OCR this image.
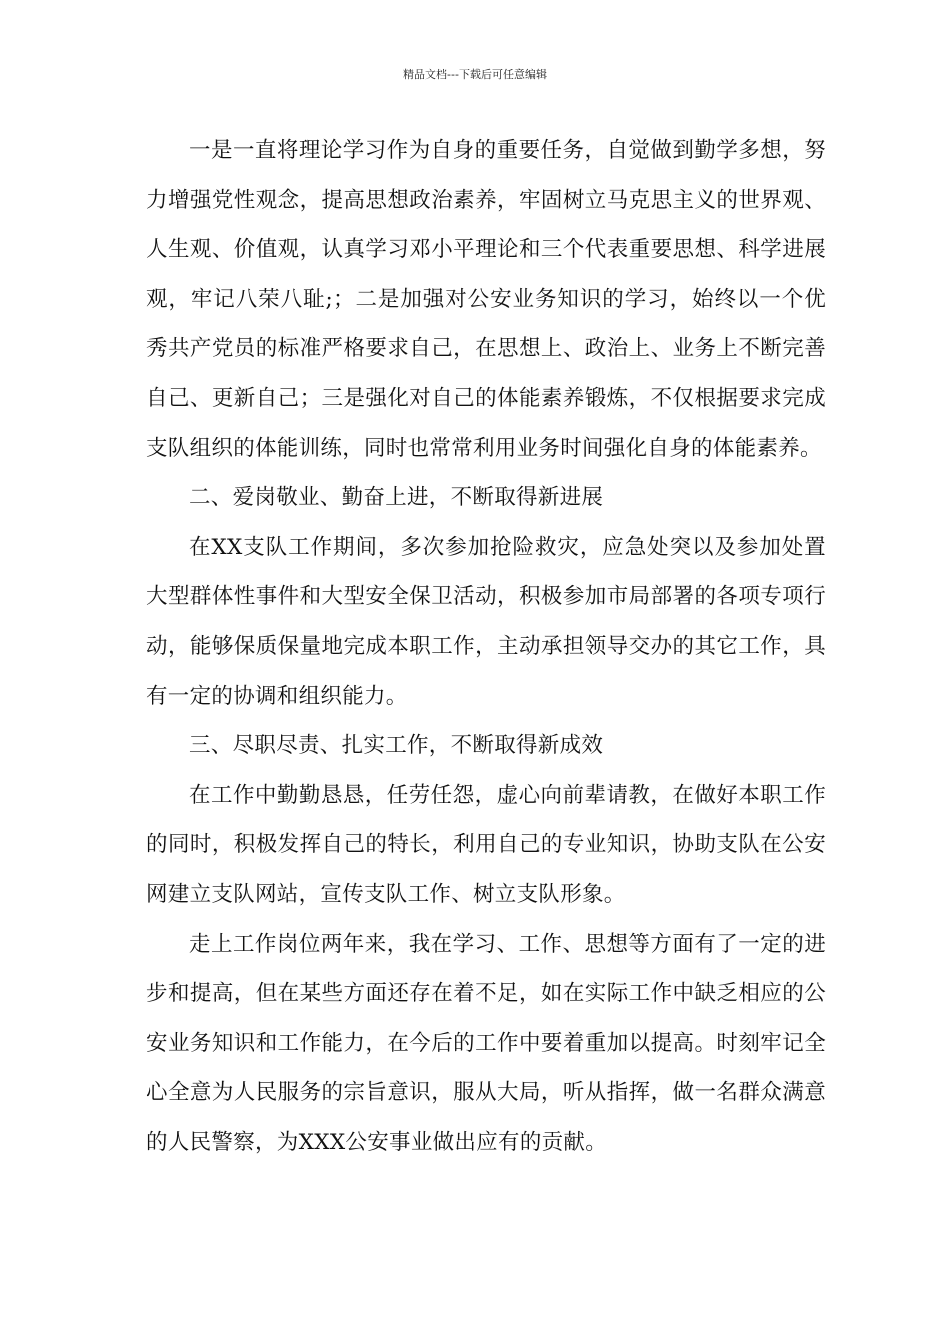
精品文档---下载后可任意编辑

一是一直将理论学习作为自身的重要任务，自觉做到勤学多想，努力增强党性观念，提高思想政治素养，牢固树立马克思主义的世界观、人生观、价值观，认真学习邓小平理论和三个代表重要思想、科学进展观，牢记八荣八耻;；二是加强对公安业务知识的学习，始终以一个优秀共产党员的标准严格要求自己，在思想上、政治上、业务上不断完善自己、更新自己；三是强化对自己的体能素养锻炼，不仅根据要求完成支队组织的体能训练，同时也常常利用业务时间强化自身的体能素养。

二、爱岗敬业、勤奋上进，不断取得新进展

在XX支队工作期间，多次参加抢险救灾，应急处突以及参加处置大型群体性事件和大型安全保卫活动，积极参加市局部署的各项专项行动，能够保质保量地完成本职工作，主动承担领导交办的其它工作，具有一定的协调和组织能力。

三、尽职尽责、扎实工作，不断取得新成效

在工作中勤勤恳恳，任劳任怨，虚心向前辈请教，在做好本职工作的同时，积极发挥自己的特长，利用自己的专业知识，协助支队在公安网建立支队网站，宣传支队工作、树立支队形象。

走上工作岗位两年来，我在学习、工作、思想等方面有了一定的进步和提高，但在某些方面还存在着不足，如在实际工作中缺乏相应的公安业务知识和工作能力，在今后的工作中要着重加以提高。时刻牢记全心全意为人民服务的宗旨意识，服从大局，听从指挥，做一名群众满意的人民警察，为XXX公安事业做出应有的贡献。
